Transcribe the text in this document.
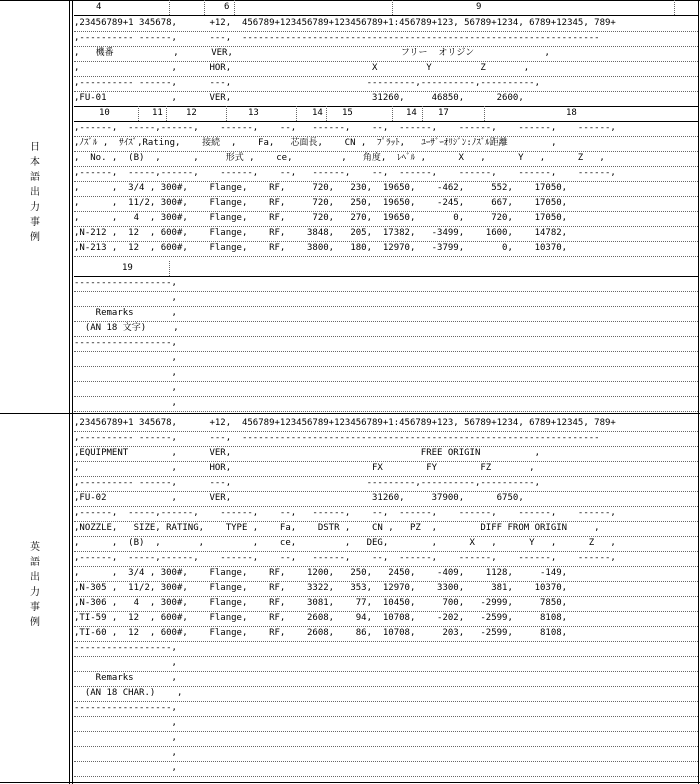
日
本
語
出
力
事
例
英
語
出
力
事
例
4	6	9
,23456789+1 345678,      +12,  456789+123456789+123456789+1:456789+123, 56789+1234, 6789+12345, 789+
,---------- ------,      ---,  ------------------------------------------------------------------
,   機番           ,      VER,                               フリー  オリジン             ,
,                 ,      HOR,                          X         Y         Z       ,
,---------- ------,      ---,                         ---------,----------,----------,
,FU-01            ,      VER,                          31260,     46850,      2600,
10	11	12	13	14 15	14 17	18
,------,  -----,------,    ------,    --,   ------,    --,  ------,    ------,    ------,    ------,
,ﾉｽﾞﾙ ,  ｻｲｽﾞ,Rating,    接続  ,    Fa,   芯面長,    CN ,  ﾌﾟﾗｯﾄ,   ﾕｰｻﾞｰｵﾘｼﾞﾝ:ﾉｽﾞﾙ距離        ,
,  No. ,  (B)  ,      ,     形式 ,    ce,         ,   角度,  ﾚﾍﾞﾙ ,      X   ,      Y   ,      Z   ,
,------,  -----,------,    ------,    --,   ------,    --,  ------,    ------,    ------,    ------,
,      ,  3/4 , 300#,    Flange,    RF,     720,   230,  19650,    -462,     552,    17050,
,      ,  11/2, 300#,    Flange,    RF,     720,   250,  19650,    -245,     667,    17050,
,      ,   4  , 300#,    Flange,    RF,     720,   270,  19650,       0,     720,    17050,
,N-212 ,  12  , 600#,    Flange,    RF,    3848,   205,  17382,   -3499,    1600,    14782,
,N-213 ,  12  , 600#,    Flange,    RF,    3800,   180,  12970,   -3799,       0,    10370,
19
------------------,
,
Remarks       ,
(AN 18 文字)     ,
------------------,
,
,
,
,
,23456789+1 345678,      +12,  456789+123456789+123456789+1:456789+123, 56789+1234, 6789+12345, 789+
,---------- ------,      ---,  ------------------------------------------------------------------
,EQUIPMENT        ,      VER,                                   FREE ORIGIN          ,
,                 ,      HOR,                          FX        FY        FZ       ,
,---------- ------,      ---,                         ---------,----------,----------,
,FU-02            ,      VER,                          31260,     37900,      6750,
,------,  -----,------,    ------,    --,   ------,    --,  ------,    ------,    ------,    ------,
,NOZZLE,   SIZE, RATING,    TYPE ,    Fa,    DSTR ,    CN ,   PZ  ,        DIFF FROM ORIGIN     ,
,      ,  (B)  ,       ,         ,    ce,         ,   DEG,        ,      X   ,      Y   ,      Z   ,
,------,  -----,------,    ------,    --,   ------,    --,  ------,    ------,    ------,    ------,
,      ,  3/4 , 300#,    Flange,    RF,    1200,   250,   2450,    -409,    1128,     -149,
,N-305 ,  11/2, 300#,    Flange,    RF,    3322,   353,  12970,    3300,     381,    10370,
,N-306 ,   4  , 300#,    Flange,    RF,    3081,    77,  10450,     700,   -2999,     7850,
,TI-59 ,  12  , 600#,    Flange,    RF,    2608,    94,  10708,    -202,   -2599,     8108,
,TI-60 ,  12  , 600#,    Flange,    RF,    2608,    86,  10708,     203,   -2599,     8108,
------------------,
,
Remarks       ,
(AN 18 CHAR.)    ,
------------------,
,
,
,
,
